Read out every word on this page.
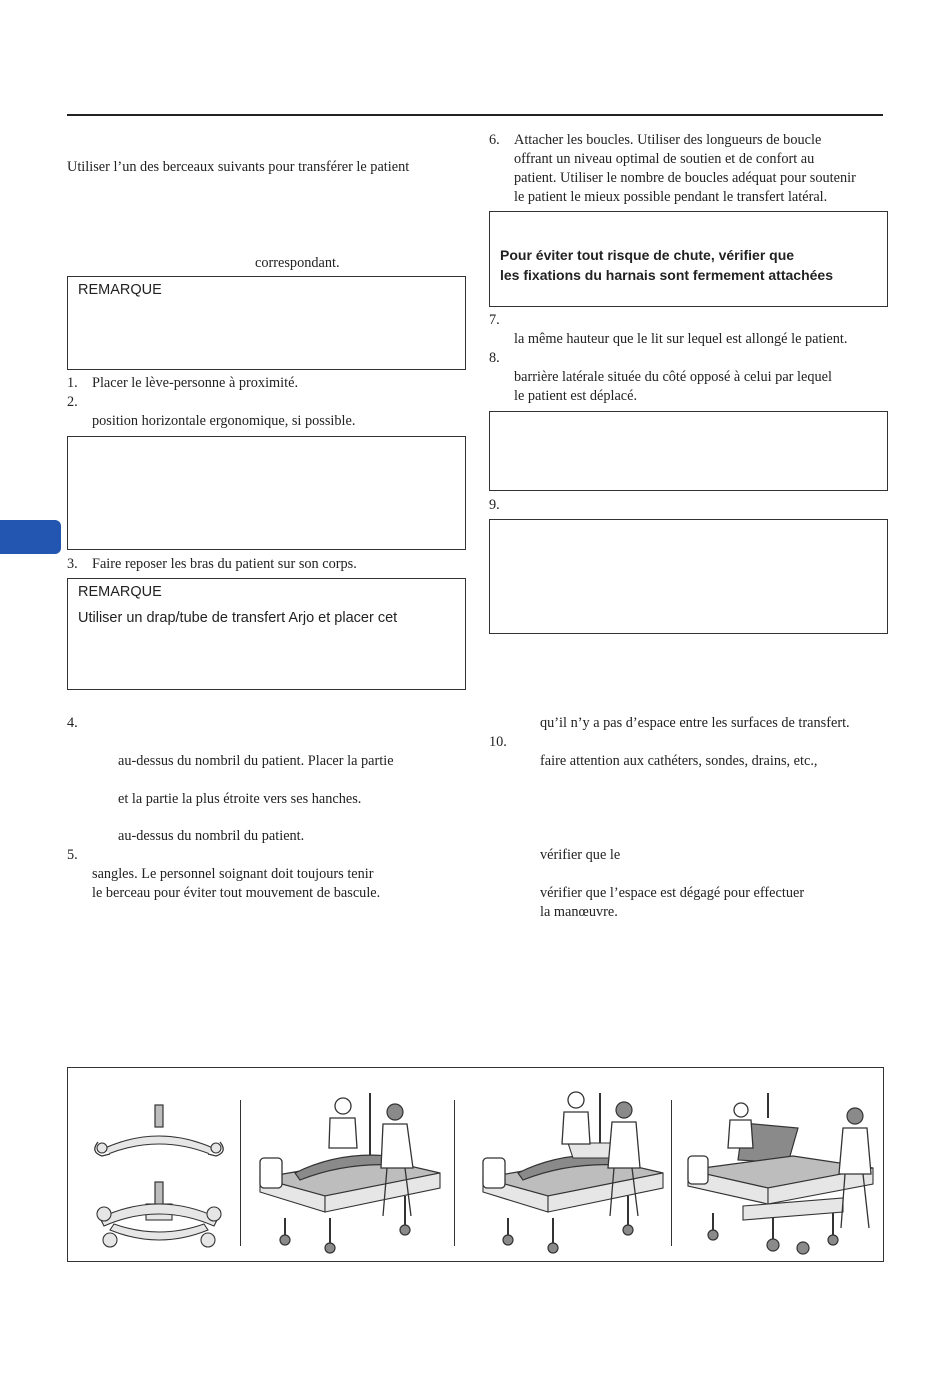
Utiliser l’un des berceaux suivants pour transférer le patient
correspondant.
REMARQUE
1. Placer le lève-personne à proximité.
2.
position horizontale ergonomique, si possible.
3. Faire reposer les bras du patient sur son corps.
REMARQUE
Utiliser un drap/tube de transfert Arjo et placer cet
4.
au-dessus du nombril du patient. Placer la partie
et la partie la plus étroite vers ses hanches.
au-dessus du nombril du patient.
5.
sangles. Le personnel soignant doit toujours tenir
le berceau pour éviter tout mouvement de bascule.
6. Attacher les boucles. Utiliser des longueurs de boucle
offrant un niveau optimal de soutien et de confort au
patient. Utiliser le nombre de boucles adéquat pour soutenir
le patient le mieux possible pendant le transfert latéral.
Pour éviter tout risque de chute, vérifier que
les fixations du harnais sont fermement attachées
7.
la même hauteur que le lit sur lequel est allongé le patient.
8.
barrière latérale située du côté opposé à celui par lequel
le patient est déplacé.
9.
qu’il n’y a pas d’espace entre les surfaces de transfert.
10.
faire attention aux cathéters, sondes, drains, etc.,
vérifier que le
vérifier que l’espace est dégagé pour effectuer
la manœuvre.
